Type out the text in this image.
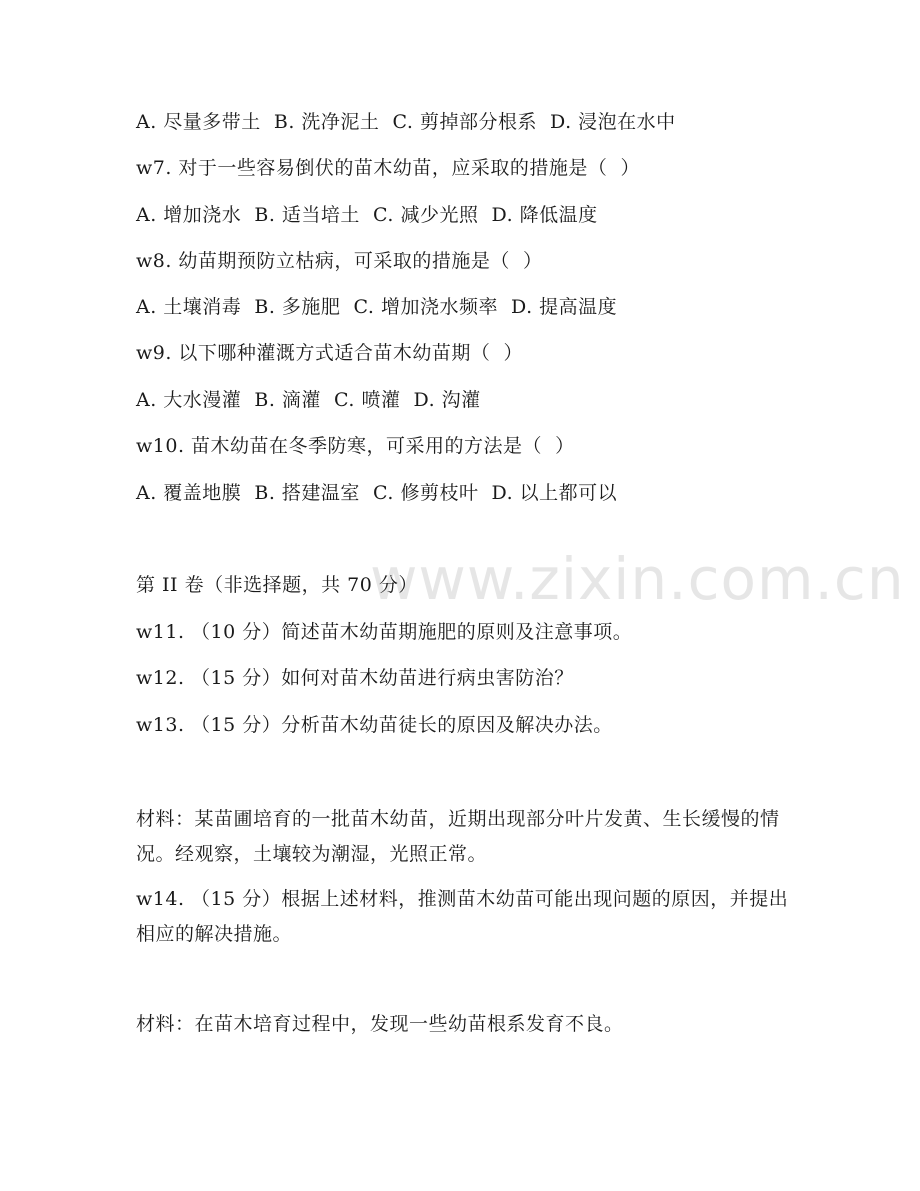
www.zixin.com.cn
A. 尽量多带土  B. 洗净泥土  C. 剪掉部分根系  D. 浸泡在水中
w7. 对于一些容易倒伏的苗木幼苗，应采取的措施是（  ）
A. 增加浇水  B. 适当培土  C. 减少光照  D. 降低温度
w8. 幼苗期预防立枯病，可采取的措施是（  ）
A. 土壤消毒  B. 多施肥  C. 增加浇水频率  D. 提高温度
w9. 以下哪种灌溉方式适合苗木幼苗期（  ）
A. 大水漫灌  B. 滴灌  C. 喷灌  D. 沟灌
w10. 苗木幼苗在冬季防寒，可采用的方法是（  ）
A. 覆盖地膜  B. 搭建温室  C. 修剪枝叶  D. 以上都可以
第 II 卷（非选择题，共 70 分）
w11. （10 分）简述苗木幼苗期施肥的原则及注意事项。
w12. （15 分）如何对苗木幼苗进行病虫害防治？
w13. （15 分）分析苗木幼苗徒长的原因及解决办法。
材料：某苗圃培育的一批苗木幼苗，近期出现部分叶片发黄、生长缓慢的情况。经观察，土壤较为潮湿，光照正常。
w14. （15 分）根据上述材料，推测苗木幼苗可能出现问题的原因，并提出相应的解决措施。
材料：在苗木培育过程中，发现一些幼苗根系发育不良。
